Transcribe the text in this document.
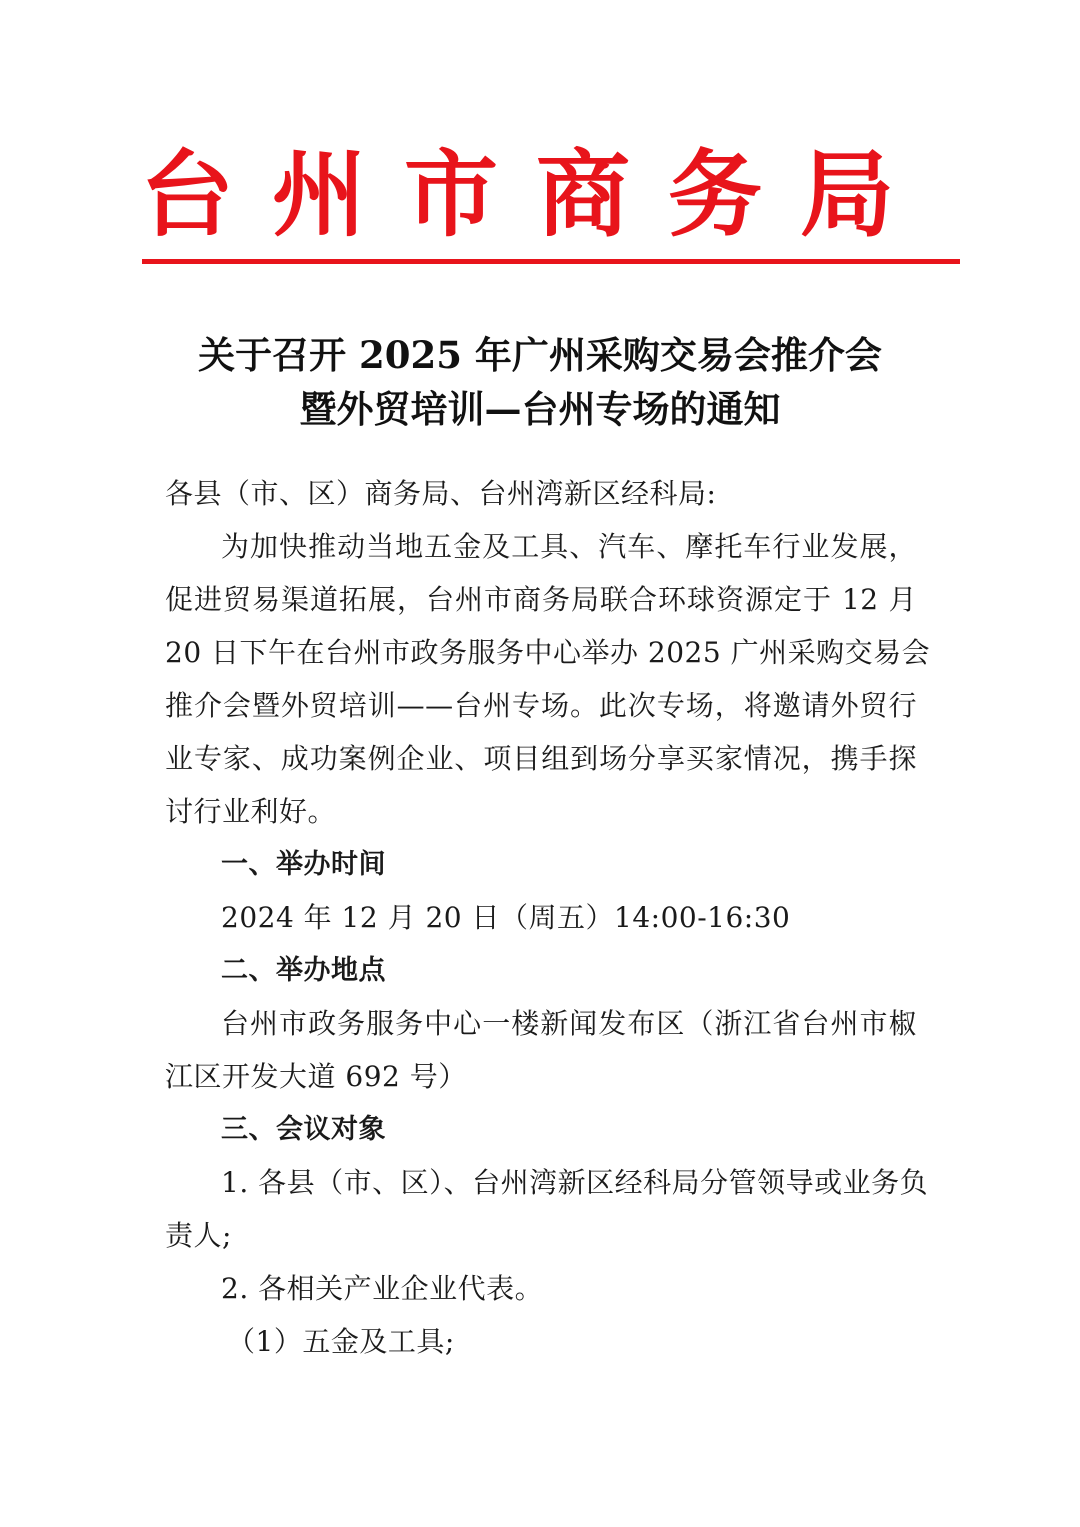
台州市商务局
关于召开 2025 年广州采购交易会推介会
暨外贸培训—台州专场的通知
各县（市、区）商务局、台州湾新区经科局:
为加快推动当地五金及工具、汽车、摩托车行业发展，
促进贸易渠道拓展，台州市商务局联合环球资源定于 12 月
20 日下午在台州市政务服务中心举办 2025 广州采购交易会
推介会暨外贸培训——台州专场。此次专场，将邀请外贸行
业专家、成功案例企业、项目组到场分享买家情况，携手探
讨行业利好。
一、举办时间
2024 年 12 月 20 日（周五）14:00-16:30
二、举办地点
台州市政务服务中心一楼新闻发布区（浙江省台州市椒
江区开发大道 692 号）
三、会议对象
1. 各县（市、区）、台州湾新区经科局分管领导或业务负
责人;
2. 各相关产业企业代表。
（1）五金及工具;
